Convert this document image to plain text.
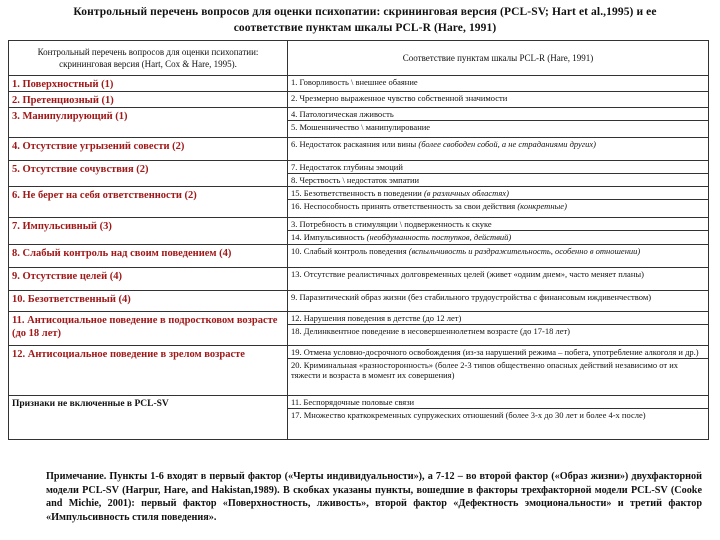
Контрольный перечень вопросов для оценки психопатии: скрининговая версия (PCL-SV; Hart et al.,1995) и ее соответствие пунктам шкалы PCL-R (Hare, 1991)
Контрольный перечень вопросов для оценки психопатии: скрининговая версия (Hart, Cox & Hare, 1995).	Соответствие пунктам шкалы PCL-R (Hare, 1991)
1. Поверхностный (1)	1. Говорливость \ внешнее обаяние

2. Претенциозный (1)	2. Чрезмерно выраженное чувство собственной значимости

3. Манипулирующий (1)	4. Патологическая лживость
5. Мошенничество \ манипулирование

4. Отсутствие угрызений совести (2)	6. Недостаток раскаяния или вины (более свободен собой, а не страданиями других)

5. Отсутствие сочувствия (2)	7. Недостаток глубины эмоций
8. Черствость \ недостаток эмпатии

6. Не берет на себя ответственности (2)	15. Безответственность в поведении (в различных областях)
16. Неспособность принять ответственность за свои действия (конкретные)

7. Импульсивный (3)	3. Потребность в стимуляции \ подверженность к скуке
14. Импульсивность (необдуманность поступков, действий)

8. Слабый контроль над своим поведением (4)	10. Слабый контроль поведения (вспыльчивость и раздражительность, особенно в отношении)

9. Отсутствие целей (4)	13. Отсутствие реалистичных долговременных целей (живет «одним днем», часто меняет планы)

10. Безответственный (4)	9. Паразитический образ жизни (без стабильного трудоустройства с финансовым иждивенчеством)

11. Антисоциальное поведение в подростковом возрасте (до 18 лет)	12. Нарушения поведения в детстве (до 12 лет)
18. Делинквентное поведение в несовершеннолетнем возрасте (до 17-18 лет)

12. Антисоциальное поведение в зрелом возрасте	19. Отмена условно-досрочного освобождения (из-за нарушений режима – побега, употребление алкоголя и др.)
20. Криминальная «разносторонность» (более 2-3 типов общественно опасных действий независимо от их тяжести и возраста в момент их совершения)

Признаки не включенные в PCL-SV	11. Беспорядочные половые связи
17. Множество краткокременных супружеских отношений (более 3-х до 30 лет и более 4-х после)
Примечание. Пункты 1-6 входят в первый фактор («Черты индивидуальности»), а 7-12 – во второй фактор («Образ жизни») двухфакторной модели PCL-SV (Harpur, Hare, and Hakistan,1989). В скобках указаны пункты, вошедшие в факторы трехфакторной модели PCL-SV (Cooke and Michie, 2001): первый фактор «Поверхностность, лживость», второй фактор «Дефектность эмоциональности» и третий фактор «Импульсивность стиля поведения».
